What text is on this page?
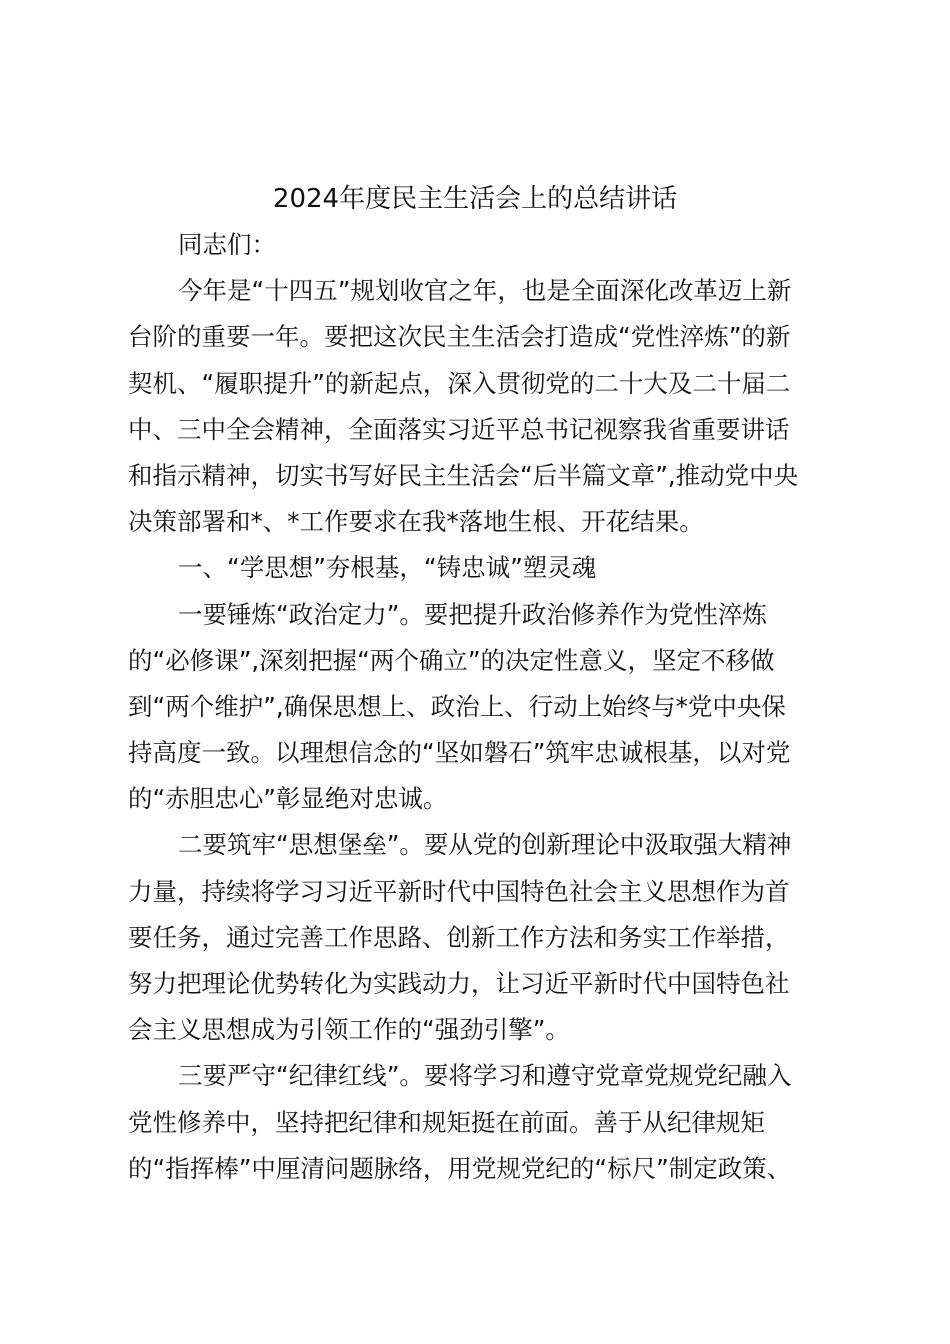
2024年度民主生活会上的总结讲话
同志们：
今年是“十四五”规划收官之年，也是全面深化改革迈上新
台阶的重要一年。要把这次民主生活会打造成“党性淬炼”的新
契机、“履职提升”的新起点，深入贯彻党的二十大及二十届二
中、三中全会精神，全面落实习近平总书记视察我省重要讲话
和指示精神，切实书写好民主生活会“后半篇文章”,推动党中央
决策部署和*、*工作要求在我*落地生根、开花结果。
一、“学思想”夯根基，“铸忠诚”塑灵魂
一要锤炼“政治定力”。要把提升政治修养作为党性淬炼
的“必修课”,深刻把握“两个确立”的决定性意义，坚定不移做
到“两个维护”,确保思想上、政治上、行动上始终与*党中央保
持高度一致。以理想信念的“坚如磐石”筑牢忠诚根基，以对党
的“赤胆忠心”彰显绝对忠诚。
二要筑牢“思想堡垒”。要从党的创新理论中汲取强大精神
力量，持续将学习习近平新时代中国特色社会主义思想作为首
要任务，通过完善工作思路、创新工作方法和务实工作举措，
努力把理论优势转化为实践动力，让习近平新时代中国特色社
会主义思想成为引领工作的“强劲引擎”。
三要严守“纪律红线”。要将学习和遵守党章党规党纪融入
党性修养中，坚持把纪律和规矩挺在前面。善于从纪律规矩
的“指挥棒”中厘清问题脉络，用党规党纪的“标尺”制定政策、
